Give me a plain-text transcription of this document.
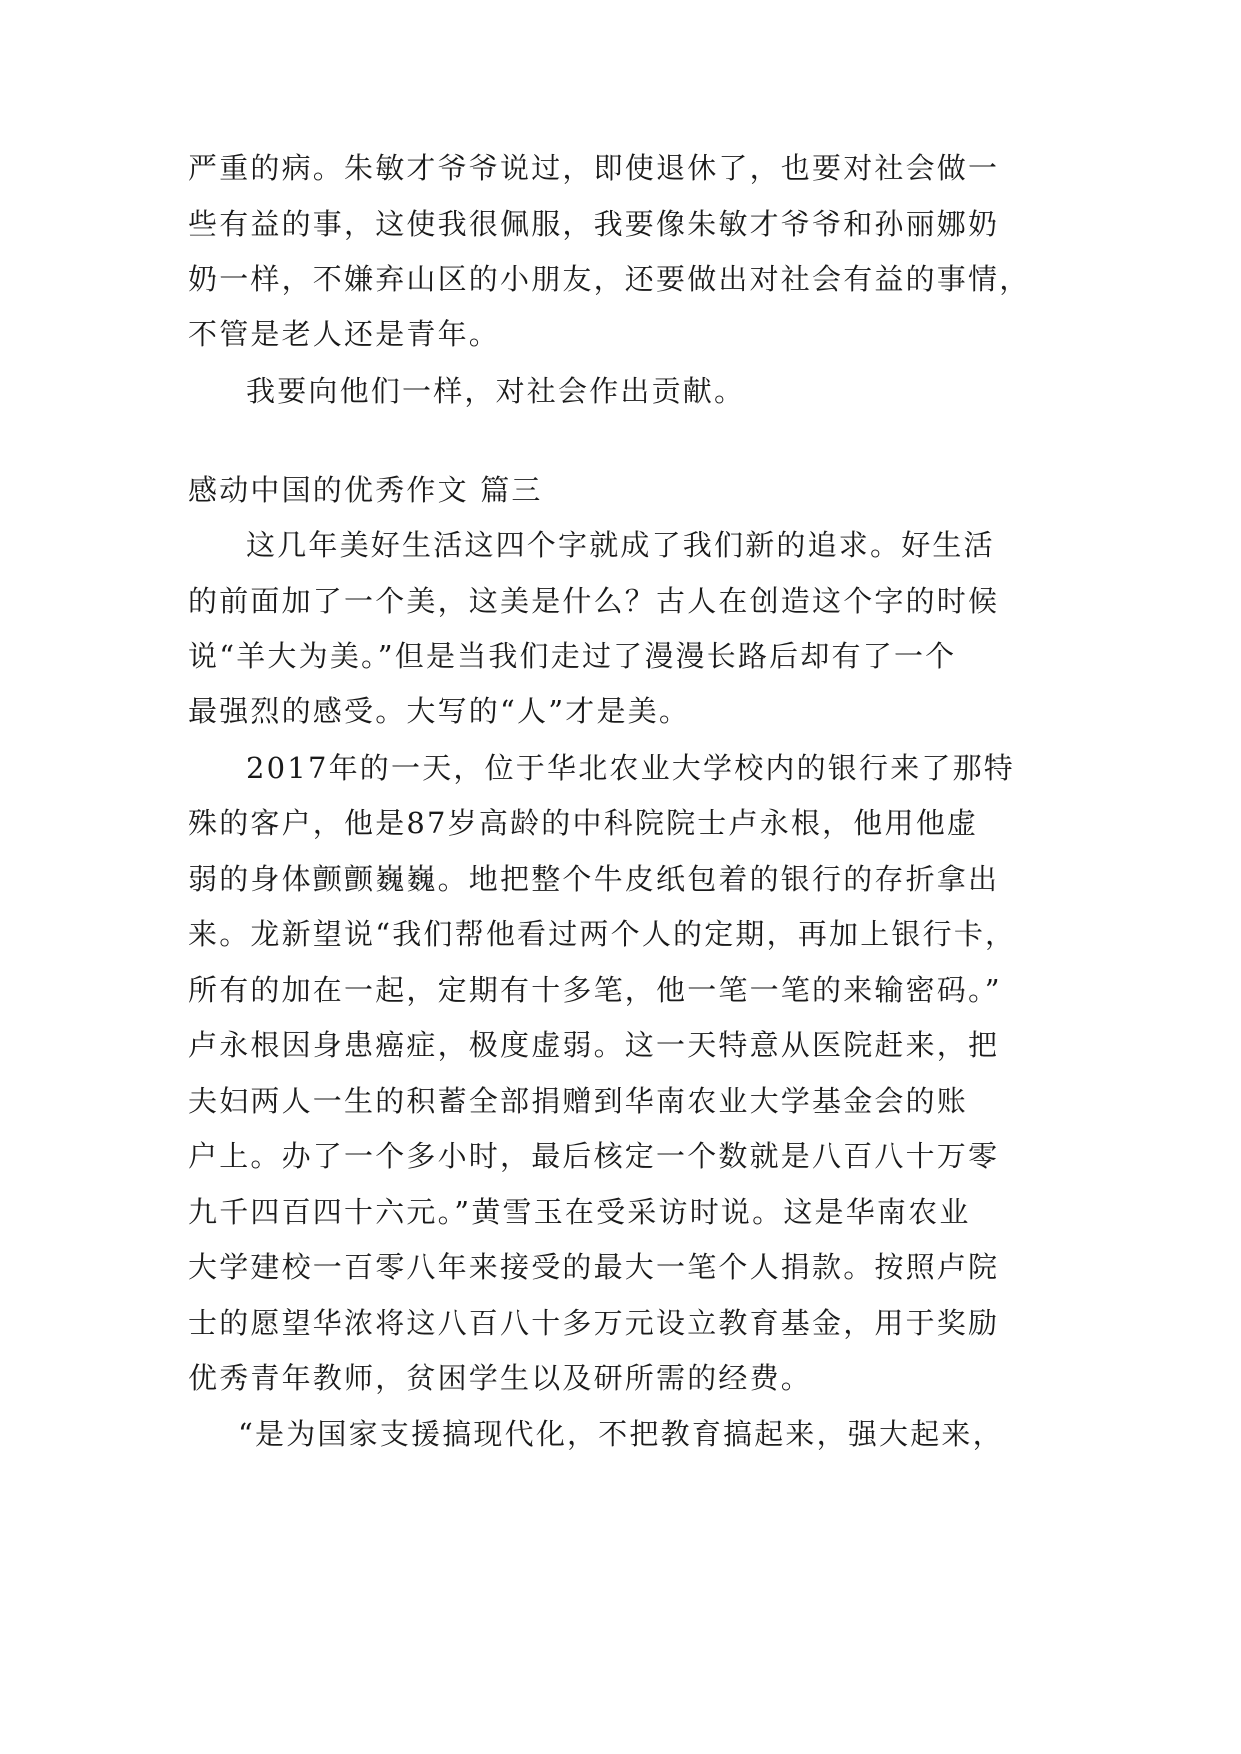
严重的病。朱敏才爷爷说过，即使退休了，也要对社会做一
些有益的事，这使我很佩服，我要像朱敏才爷爷和孙丽娜奶
奶一样，不嫌弃山区的小朋友，还要做出对社会有益的事情，
不管是老人还是青年。
我要向他们一样，对社会作出贡献。
感动中国的优秀作文 篇三
这几年美好生活这四个字就成了我们新的追求。好生活
的前面加了一个美，这美是什么？古人在创造这个字的时候
说“羊大为美。”但是当我们走过了漫漫长路后却有了一个
最强烈的感受。大写的“人”才是美。
2017年的一天，位于华北农业大学校内的银行来了那特
殊的客户，他是87岁高龄的中科院院士卢永根，他用他虚
弱的身体颤颤巍巍。地把整个牛皮纸包着的银行的存折拿出
来。龙新望说“我们帮他看过两个人的定期，再加上银行卡，
所有的加在一起，定期有十多笔，他一笔一笔的来输密码。”
卢永根因身患癌症，极度虚弱。这一天特意从医院赶来，把
夫妇两人一生的积蓄全部捐赠到华南农业大学基金会的账
户上。办了一个多小时，最后核定一个数就是八百八十万零
九千四百四十六元。”黄雪玉在受采访时说。这是华南农业
大学建校一百零八年来接受的最大一笔个人捐款。按照卢院
士的愿望华浓将这八百八十多万元设立教育基金，用于奖励
优秀青年教师，贫困学生以及研所需的经费。
“是为国家支援搞现代化，不把教育搞起来，强大起来，
